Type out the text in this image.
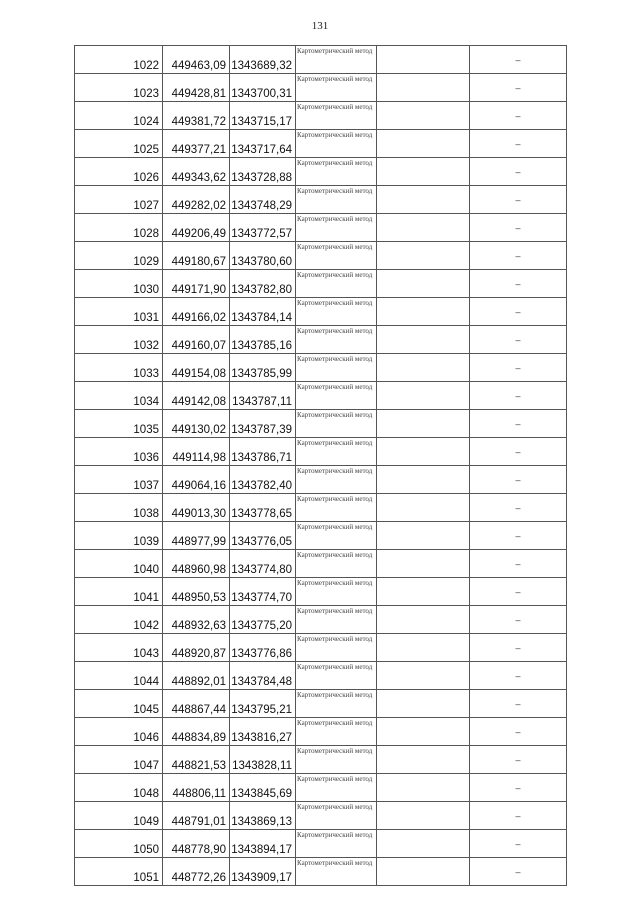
131
1022	449463,09	1343689,32	Картометрический метод		–
1023	449428,81	1343700,31	Картометрический метод		–
1024	449381,72	1343715,17	Картометрический метод		–
1025	449377,21	1343717,64	Картометрический метод		–
1026	449343,62	1343728,88	Картометрический метод		–
1027	449282,02	1343748,29	Картометрический метод		–
1028	449206,49	1343772,57	Картометрический метод		–
1029	449180,67	1343780,60	Картометрический метод		–
1030	449171,90	1343782,80	Картометрический метод		–
1031	449166,02	1343784,14	Картометрический метод		–
1032	449160,07	1343785,16	Картометрический метод		–
1033	449154,08	1343785,99	Картометрический метод		–
1034	449142,08	1343787,11	Картометрический метод		–
1035	449130,02	1343787,39	Картометрический метод		–
1036	449114,98	1343786,71	Картометрический метод		–
1037	449064,16	1343782,40	Картометрический метод		–
1038	449013,30	1343778,65	Картометрический метод		–
1039	448977,99	1343776,05	Картометрический метод		–
1040	448960,98	1343774,80	Картометрический метод		–
1041	448950,53	1343774,70	Картометрический метод		–
1042	448932,63	1343775,20	Картометрический метод		–
1043	448920,87	1343776,86	Картометрический метод		–
1044	448892,01	1343784,48	Картометрический метод		–
1045	448867,44	1343795,21	Картометрический метод		–
1046	448834,89	1343816,27	Картометрический метод		–
1047	448821,53	1343828,11	Картометрический метод		–
1048	448806,11	1343845,69	Картометрический метод		–
1049	448791,01	1343869,13	Картометрический метод		–
1050	448778,90	1343894,17	Картометрический метод		–
1051	448772,26	1343909,17	Картометрический метод		–
